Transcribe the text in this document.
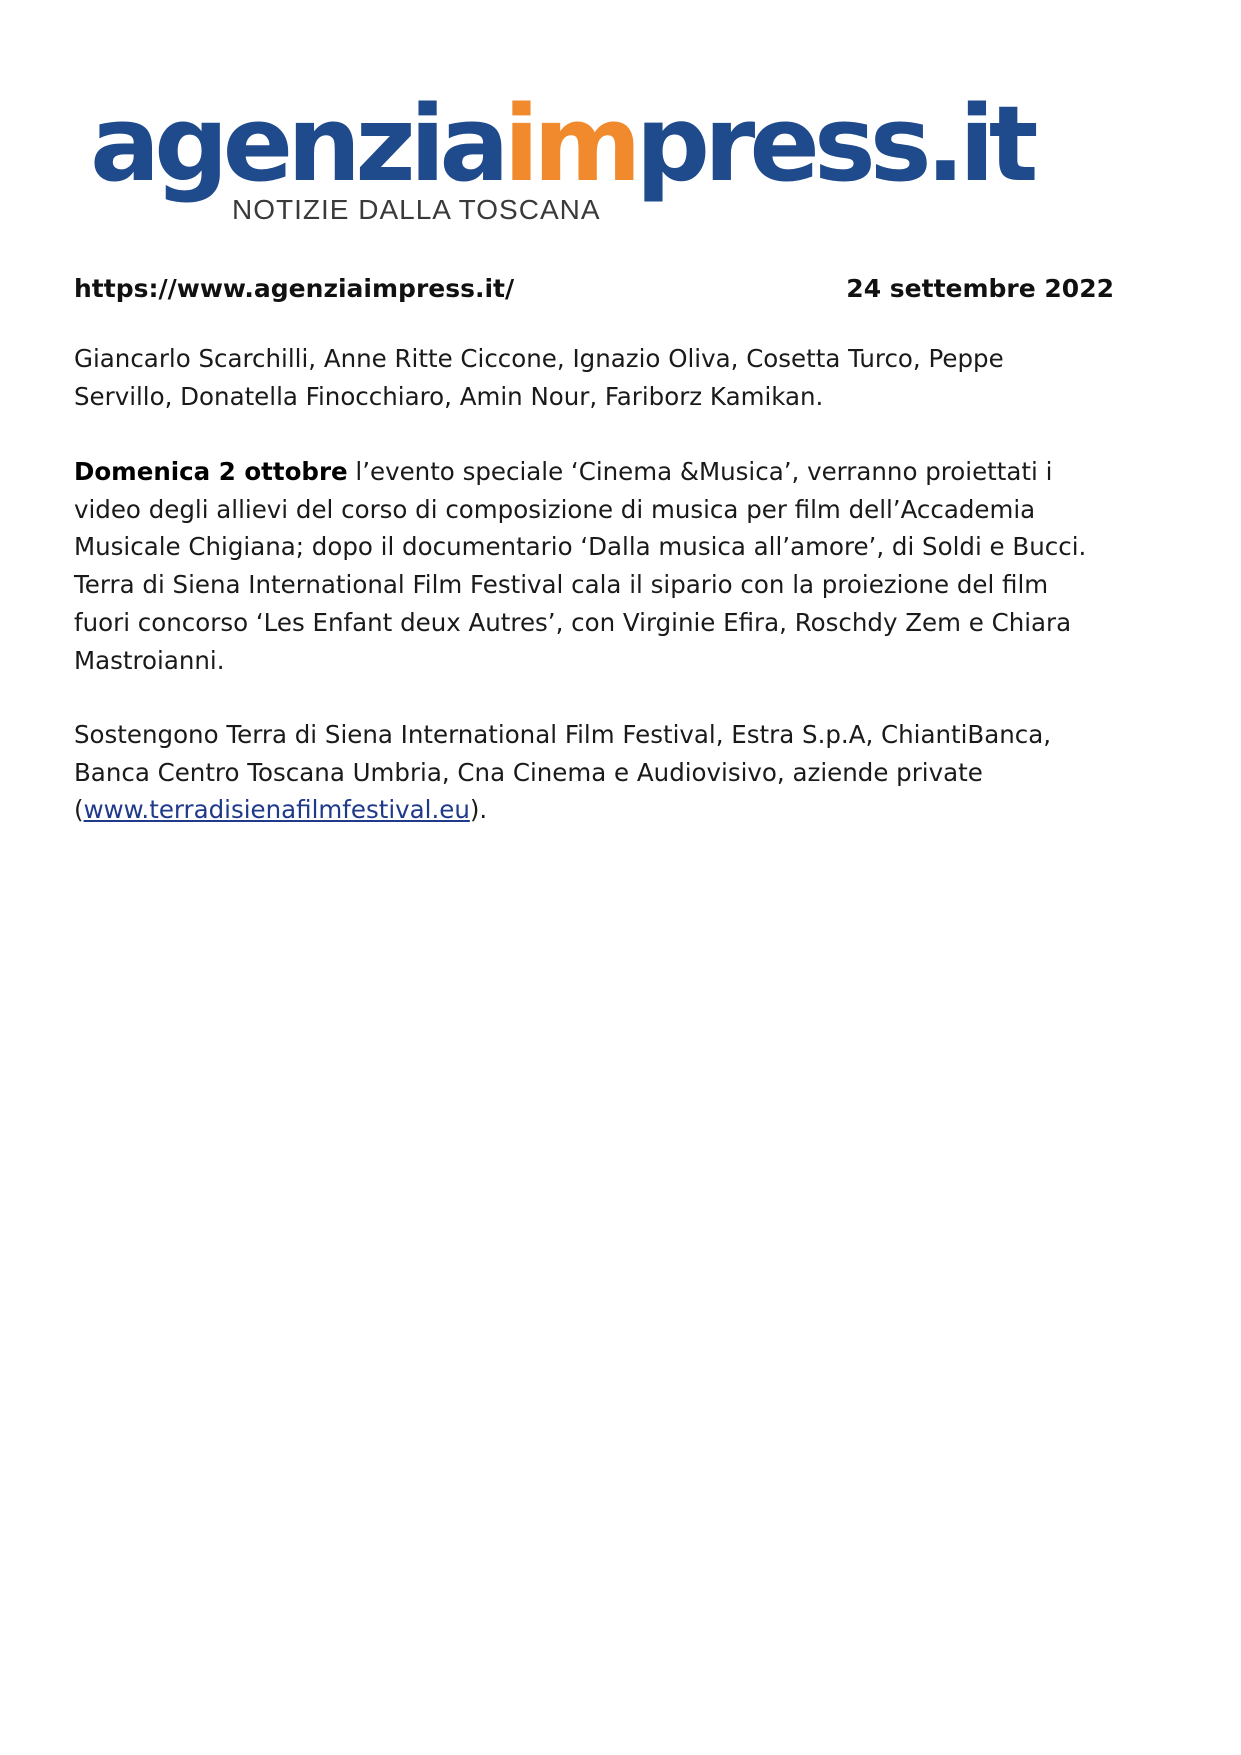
agenziaimpress.it
NOTIZIE DALLA TOSCANA
https://www.agenziaimpress.it/	24 settembre 2022
Giancarlo Scarchilli, Anne Ritte Ciccone, Ignazio Oliva, Cosetta Turco, Peppe
Servillo, Donatella Finocchiaro, Amin Nour, Fariborz Kamikan.
Domenica 2 ottobre l’evento speciale ‘Cinema &Musica’, verranno proiettati i
video degli allievi del corso di composizione di musica per film dell’Accademia
Musicale Chigiana; dopo il documentario ‘Dalla musica all’amore’, di Soldi e Bucci.
Terra di Siena International Film Festival cala il sipario con la proiezione del film
fuori concorso ‘Les Enfant deux Autres’, con Virginie Efira, Roschdy Zem e Chiara
Mastroianni.
Sostengono Terra di Siena International Film Festival, Estra S.p.A, ChiantiBanca,
Banca Centro Toscana Umbria, Cna Cinema e Audiovisivo, aziende private
(www.terradisienafilmfestival.eu).
